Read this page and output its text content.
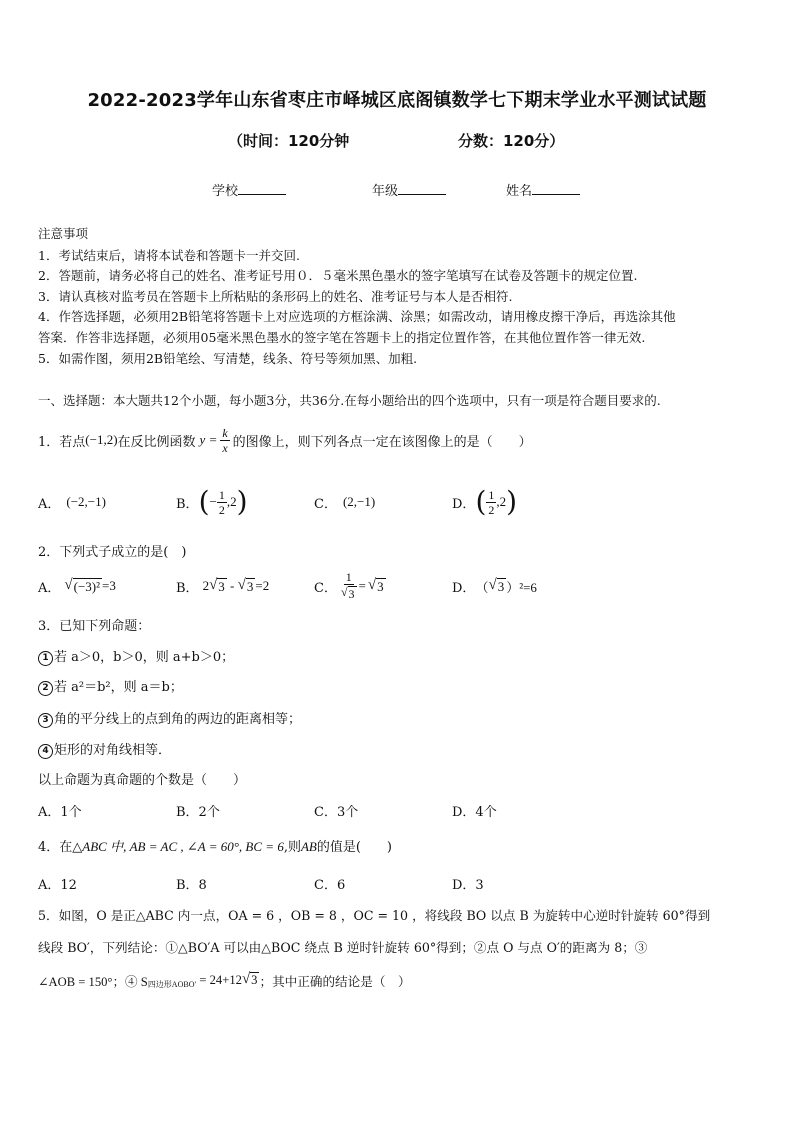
2022-2023学年山东省枣庄市峄城区底阁镇数学七下期末学业水平测试试题
（时间：120分钟	分数：120分）
学校	年级	姓名
注意事项
1．考试结束后，请将本试卷和答题卡一并交回.
2．答题前，请务必将自己的姓名、准考证号用０．５毫米黑色墨水的签字笔填写在试卷及答题卡的规定位置.
3．请认真核对监考员在答题卡上所粘贴的条形码上的姓名、准考证号与本人是否相符.
4．作答选择题，必须用2B铅笔将答题卡上对应选项的方框涂满、涂黑；如需改动，请用橡皮擦干净后，再选涂其他
答案．作答非选择题，必须用05毫米黑色墨水的签字笔在答题卡上的指定位置作答，在其他位置作答一律无效.
5．如需作图，须用2B铅笔绘、写清楚，线条、符号等须加黑、加粗.
一、选择题：本大题共12个小题，每小题3分，共36分.在每小题给出的四个选项中，只有一项是符合题目要求的.
1．若点 (−1,2) 在反比例函数 $y = \frac{k}{x}$ 的图像上，则下列各点一定在该图像上的是（　　）
A． (−2,−1)	B． ( − $\frac{1}{2} ,2$ )	C． (2,−1)	D． ( $\frac{1}{2} ,2$ )
2．下列式子成立的是(　)
A． √ (−3)² =3	B． 2 √ 3 - √ 3 =2	C． $\frac{1}{√ 3}$ = √ 3	D． （ √ 3 ）²=6
3．已知下列命题：
1 若 a＞0，b＞0，则 a+b＞0；
2 若 a²＝b²，则 a＝b；
3 角的平分线上的点到角的两边的距离相等；
4 矩形的对角线相等．
以上命题为真命题的个数是（　　）
A．1个	B．2个	C．3个	D．4个
4．在△ABC 中, AB = AC , ∠A = 60°, BC = 6,则AB的值是(　　)
A．12	B．8	C．6	D．3
5．如图，O 是正△ABC 内一点，OA = 6 ，OB = 8 ，OC = 10 ，将线段 BO 以点 B 为旋转中心逆时针旋转 60°得到
线段 BO′，下列结论：①△BO′A 可以由△BOC 绕点 B 逆时针旋转 60°得到；②点 O 与点 O′的距离为 8；③
∠AOB = 150°；④ S 四边形AOBO′ = 24+12 √ 3 ；其中正确的结论是（　）
